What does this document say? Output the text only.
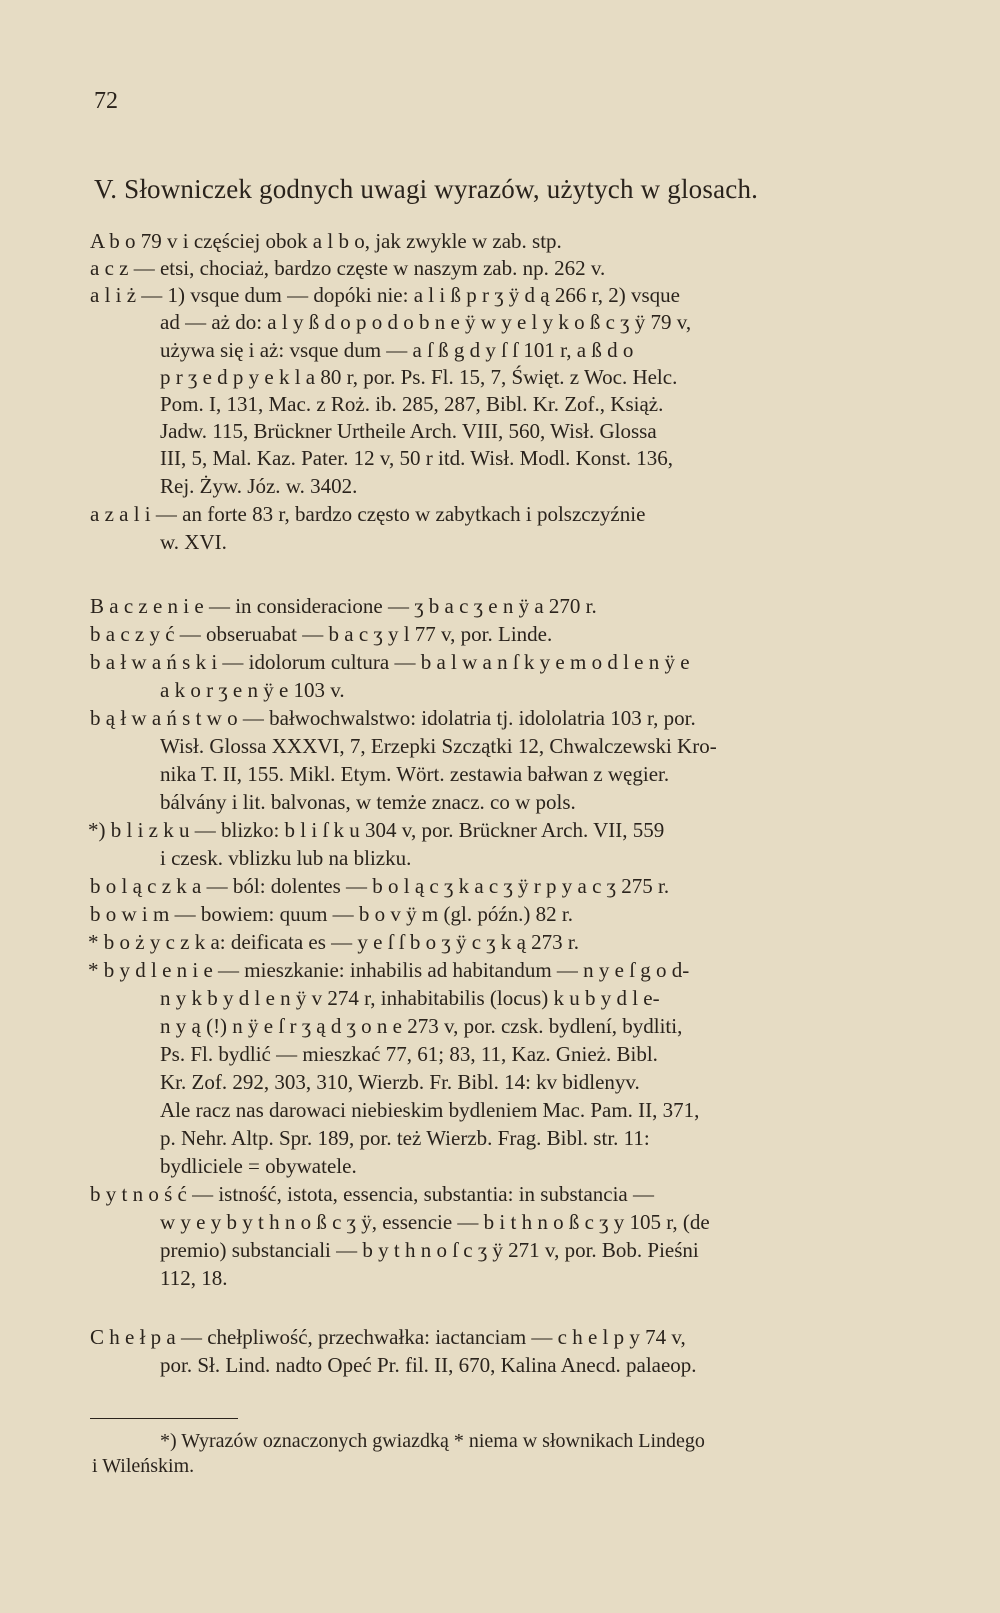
72
V. Słowniczek godnych uwagi wyrazów, użytych w glosach.
A b o 79 v i częściej obok a l b o, jak zwykle w zab. stp.
a c z — etsi, chociaż, bardzo częste w naszym zab. np. 262 v.
a l i ż — 1) vsque dum — dopóki nie: a l i ß p r ʒ ÿ d ą 266 r, 2) vsque
ad — aż do: a l y ß d o p o d o b n e ÿ w y e l y k o ß c ʒ ÿ 79 v,
używa się i aż: vsque dum — a ſ ß g d y ſ ſ 101 r, a ß d o
p r ʒ e d p y e k l a 80 r, por. Ps. Fl. 15, 7, Święt. z Woc. Helc.
Pom. I, 131, Mac. z Roż. ib. 285, 287, Bibl. Kr. Zof., Książ.
Jadw. 115, Brückner Urtheile Arch. VIII, 560, Wisł. Glossa
III, 5, Mal. Kaz. Pater. 12 v, 50 r itd. Wisł. Modl. Konst. 136,
Rej. Żyw. Józ. w. 3402.
a z a l i — an forte 83 r, bardzo często w zabytkach i polszczyźnie
w. XVI.
B a c z e n i e — in consideracione — ʒ b a c ʒ e n ÿ a 270 r.
b a c z y ć — obseruabat — b a c ʒ y l 77 v, por. Linde.
b a ł w a ń s k i — idolorum cultura — b a l w a n ſ k y e m o d l e n ÿ e
a k o r ʒ e n ÿ e 103 v.
b ą ł w a ń s t w o — bałwochwalstwo: idolatria tj. idololatria 103 r, por.
Wisł. Glossa XXXVI, 7, Erzepki Szczątki 12, Chwalczewski Kro-
nika T. II, 155. Mikl. Etym. Wört. zestawia bałwan z węgier.
bálvány i lit. balvonas, w temże znacz. co w pols.
*) b l i z k u — blizko: b l i ſ k u 304 v, por. Brückner Arch. VII, 559
i czesk. vblizku lub na blizku.
b o l ą c z k a — ból: dolentes — b o l ą c ʒ k a c ʒ ÿ r p y a c ʒ 275 r.
b o w i m — bowiem: quum — b o v ÿ m (gl. późn.) 82 r.
* b o ż y c z k a: deificata es — y e ſ ſ b o ʒ ÿ c ʒ k ą 273 r.
* b y d l e n i e — mieszkanie: inhabilis ad habitandum — n y e ſ g o d-
n y k b y d l e n ÿ v 274 r, inhabitabilis (locus) k u b y d l e-
n y ą (!) n ÿ e ſ r ʒ ą d ʒ o n e 273 v, por. czsk. bydlení, bydliti,
Ps. Fl. bydlić — mieszkać 77, 61; 83, 11, Kaz. Gnież. Bibl.
Kr. Zof. 292, 303, 310, Wierzb. Fr. Bibl. 14: kv bidlenyv.
Ale racz nas darowaci niebieskim bydleniem Mac. Pam. II, 371,
p. Nehr. Altp. Spr. 189, por. też Wierzb. Frag. Bibl. str. 11:
bydliciele = obywatele.
b y t n o ś ć — istność, istota, essencia, substantia: in substancia —
w y e y b y t h n o ß c ʒ ÿ, essencie — b i t h n o ß c ʒ y 105 r, (de
premio) substanciali — b y t h n o ſ c ʒ ÿ 271 v, por. Bob. Pieśni
112, 18.
C h e ł p a — chełpliwość, przechwałka: iactanciam — c h e l p y 74 v,
por. Sł. Lind. nadto Opeć Pr. fil. II, 670, Kalina Anecd. palaeop.
*) Wyrazów oznaczonych gwiazdką * niema w słownikach Lindego
i Wileńskim.
